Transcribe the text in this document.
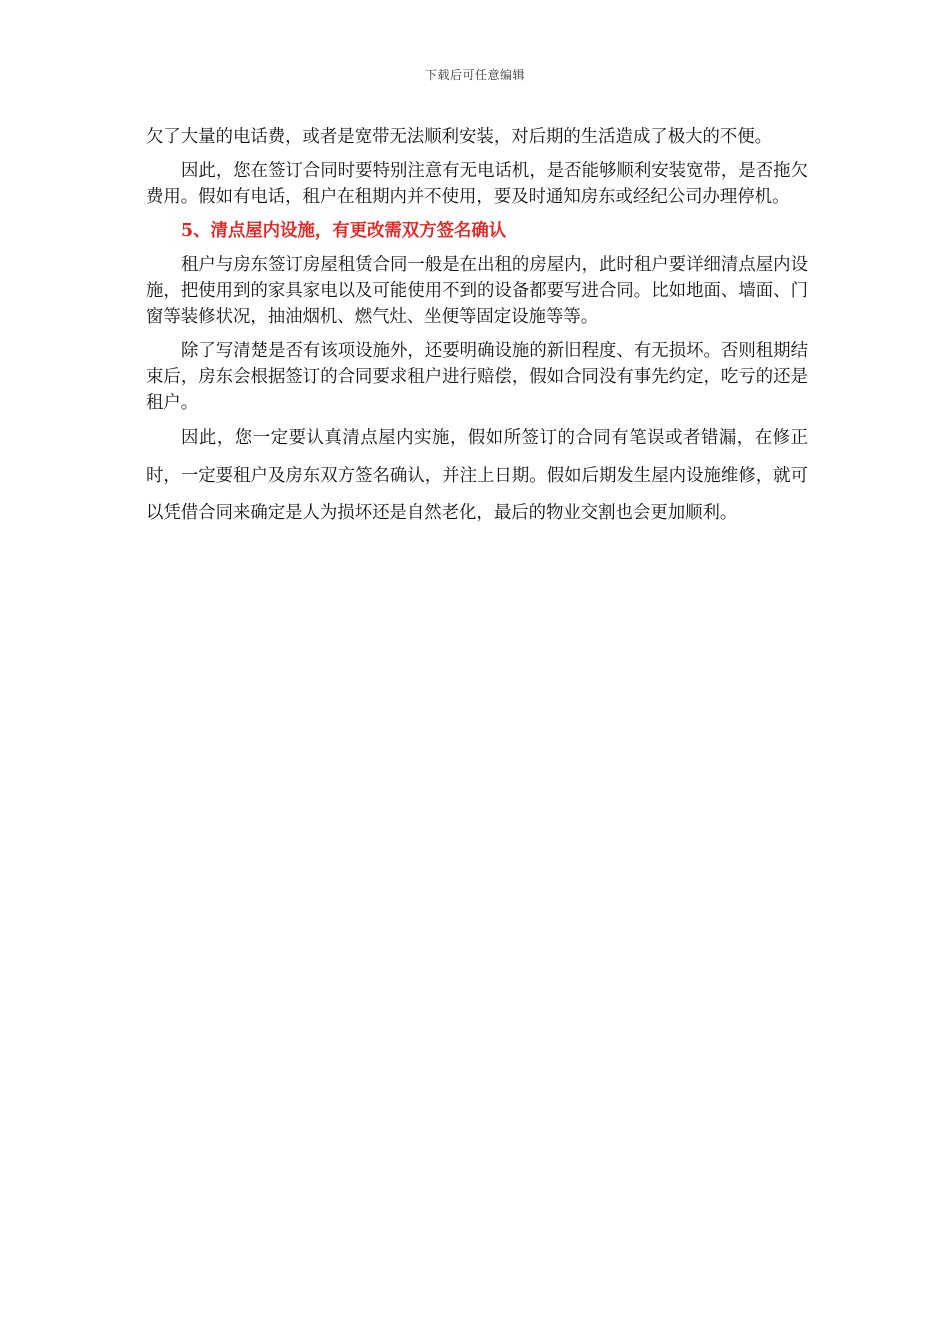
下载后可任意编辑

欠了大量的电话费，或者是宽带无法顺利安装，对后期的生活造成了极大的不便。

因此，您在签订合同时要特别注意有无电话机，是否能够顺利安装宽带，是否拖欠费用。假如有电话，租户在租期内并不使用，要及时通知房东或经纪公司办理停机。

5、清点屋内设施，有更改需双方签名确认

租户与房东签订房屋租赁合同一般是在出租的房屋内，此时租户要详细清点屋内设施，把使用到的家具家电以及可能使用不到的设备都要写进合同。比如地面、墙面、门窗等装修状况，抽油烟机、燃气灶、坐便等固定设施等等。

除了写清楚是否有该项设施外，还要明确设施的新旧程度、有无损坏。否则租期结束后，房东会根据签订的合同要求租户进行赔偿，假如合同没有事先约定，吃亏的还是租户。

因此，您一定要认真清点屋内实施，假如所签订的合同有笔误或者错漏，在修正时，一定要租户及房东双方签名确认，并注上日期。假如后期发生屋内设施维修，就可以凭借合同来确定是人为损坏还是自然老化，最后的物业交割也会更加顺利。
